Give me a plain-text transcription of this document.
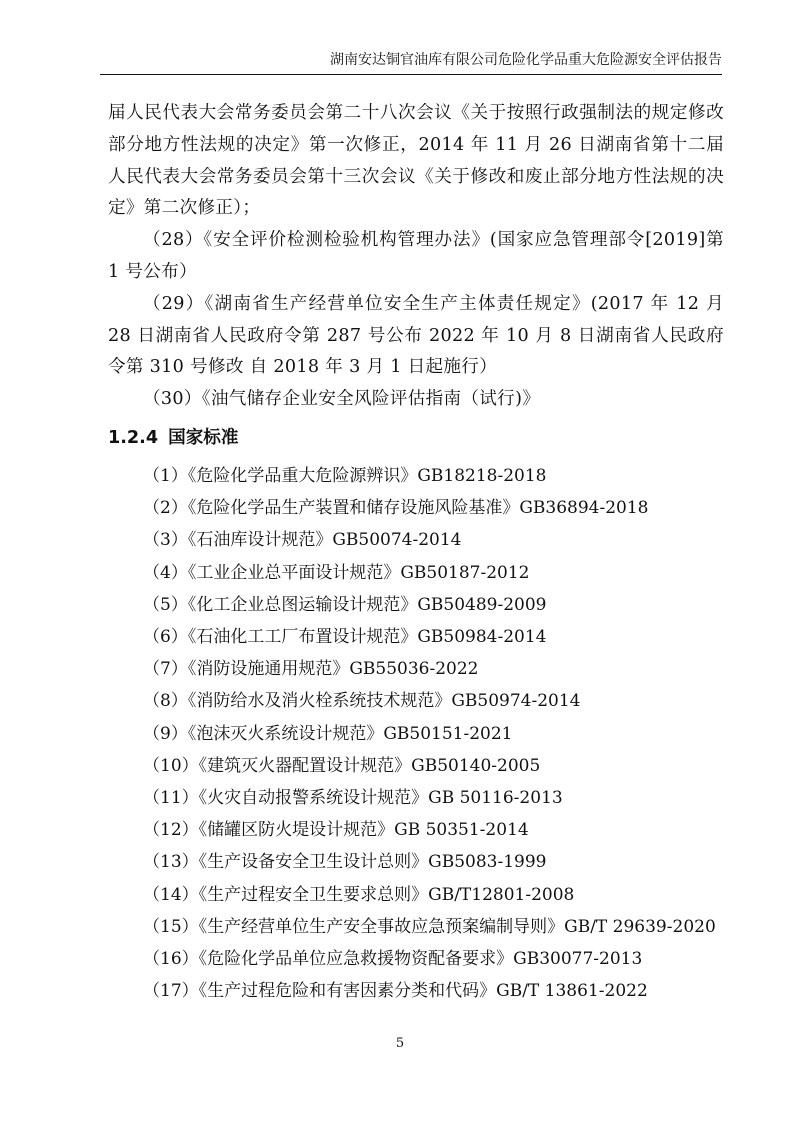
湖南安达铜官油库有限公司危险化学品重大危险源安全评估报告

届人民代表大会常务委员会第二十八次会议《关于按照行政强制法的规定修改部分地方性法规的决定》第一次修正，2014 年 11 月 26 日湖南省第十二届人民代表大会常务委员会第十三次会议《关于修改和废止部分地方性法规的决定》第二次修正）；

（28）《安全评价检测检验机构管理办法》(国家应急管理部令[2019]第 1 号公布）

（29）《湖南省生产经营单位安全生产主体责任规定》(2017 年 12 月 28 日湖南省人民政府令第 287 号公布 2022 年 10 月 8 日湖南省人民政府令第 310 号修改 自 2018 年 3 月 1 日起施行）

（30）《油气储存企业安全风险评估指南（试行)》

1.2.4 国家标准
（1）《危险化学品重大危险源辨识》GB18218-2018
（2）《危险化学品生产装置和储存设施风险基准》GB36894-2018
（3）《石油库设计规范》GB50074-2014
（4）《工业企业总平面设计规范》GB50187-2012
（5）《化工企业总图运输设计规范》GB50489-2009
（6）《石油化工工厂布置设计规范》GB50984-2014
（7）《消防设施通用规范》GB55036-2022
（8）《消防给水及消火栓系统技术规范》GB50974-2014
（9）《泡沫灭火系统设计规范》GB50151-2021
（10）《建筑灭火器配置设计规范》GB50140-2005
（11）《火灾自动报警系统设计规范》GB 50116-2013
（12）《储罐区防火堤设计规范》GB 50351-2014
（13）《生产设备安全卫生设计总则》GB5083-1999
（14）《生产过程安全卫生要求总则》GB/T12801-2008
（15）《生产经营单位生产安全事故应急预案编制导则》GB/T 29639-2020
（16）《危险化学品单位应急救援物资配备要求》GB30077-2013
（17）《生产过程危险和有害因素分类和代码》GB/T 13861-2022
5
